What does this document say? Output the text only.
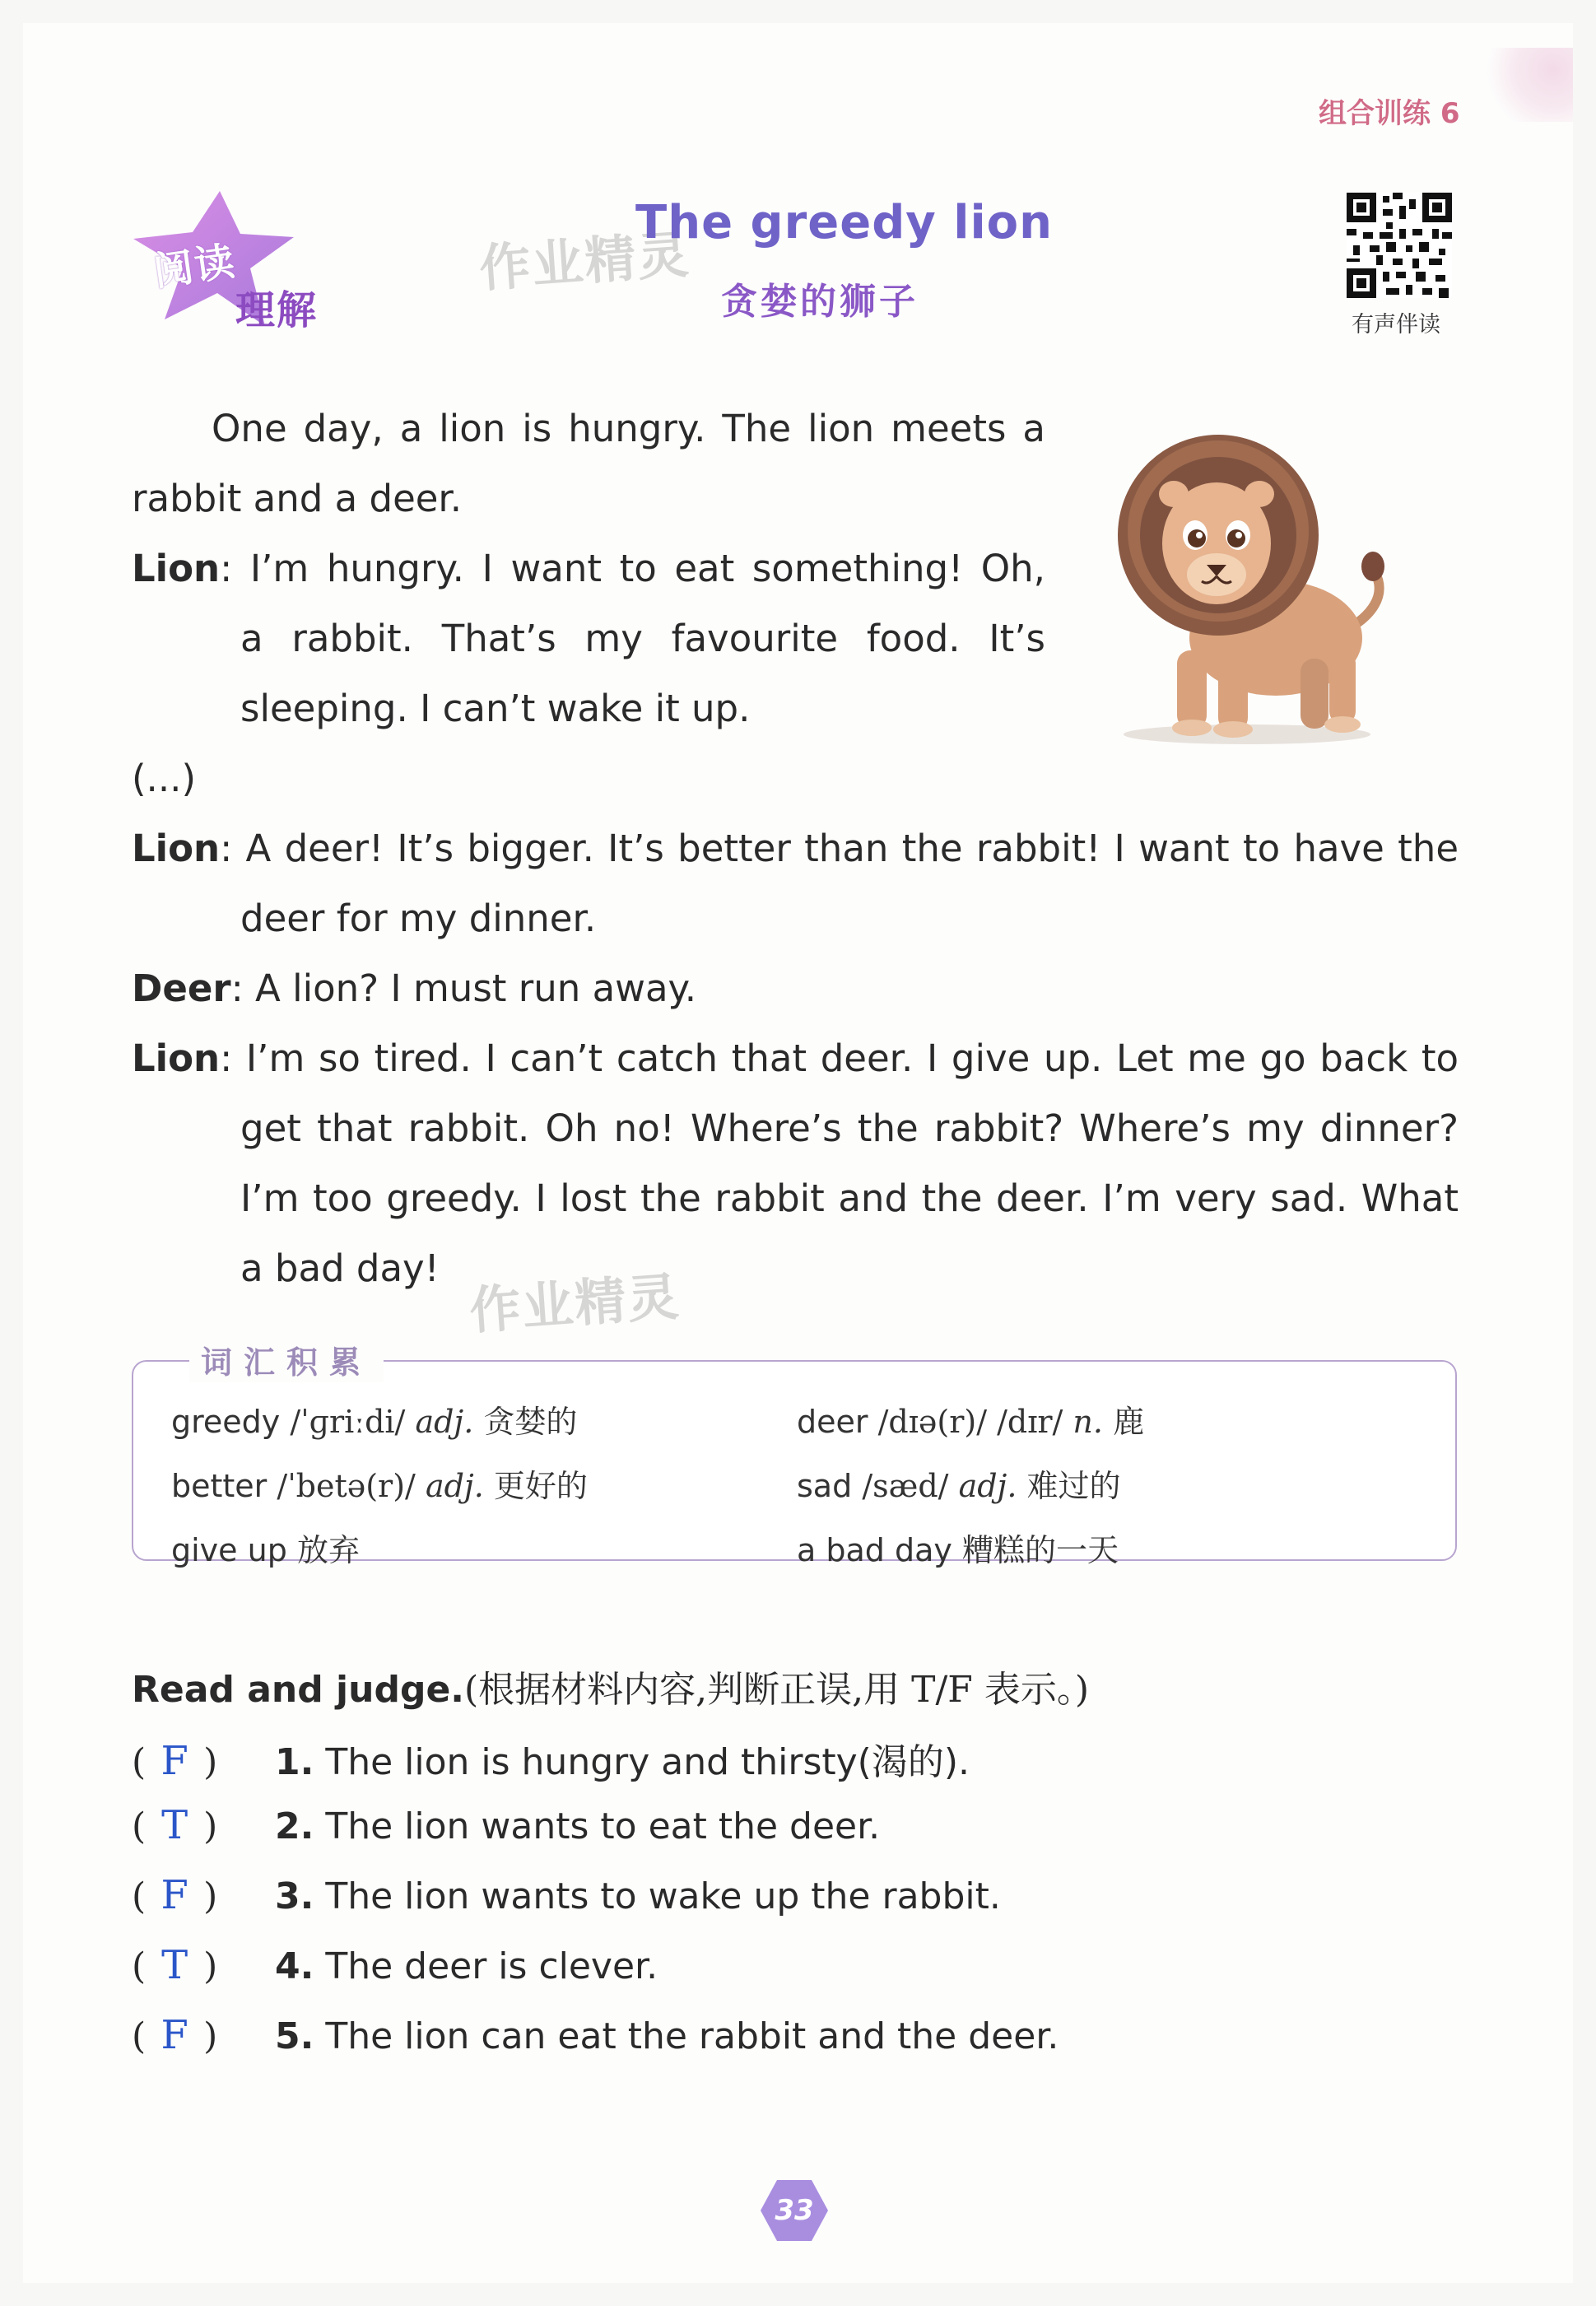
组合训练 6
阅读
理解
作业精灵
The greedy lion
贪婪的狮子
有声伴读

One day, a lion is hungry. The lion meets a

rabbit and a deer.

Lion: I’m hungry. I want to eat something! Oh,

a rabbit. That’s my favourite food. It’s

sleeping. I can’t wake it up.

(...)

Lion: A deer! It’s bigger. It’s better than the rabbit! I want to have the

deer for my dinner.

Deer: A lion? I must run away.

Lion: I’m so tired. I can’t catch that deer. I give up. Let me go back to

get that rabbit. Oh no! Where’s the rabbit? Where’s my dinner?

I’m too greedy. I lost the rabbit and the deer. I’m very sad. What

a bad day! 作业精灵
词汇积累
greedy /ˈɡriːdi/ adj. 贪婪的	deer /dɪə(r)/ /dɪr/ n. 鹿
better /ˈbetə(r)/ adj. 更好的	sad /sæd/ adj. 难过的
give up 放弃	a bad day 糟糕的一天
Read and judge.(根据材料内容,判断正误,用 T/F 表示。)
( F ) 1. The lion is hungry and thirsty(渴的).
( T ) 2. The lion wants to eat the deer.
( F ) 3. The lion wants to wake up the rabbit.
( T ) 4. The deer is clever.
( F ) 5. The lion can eat the rabbit and the deer.
33
